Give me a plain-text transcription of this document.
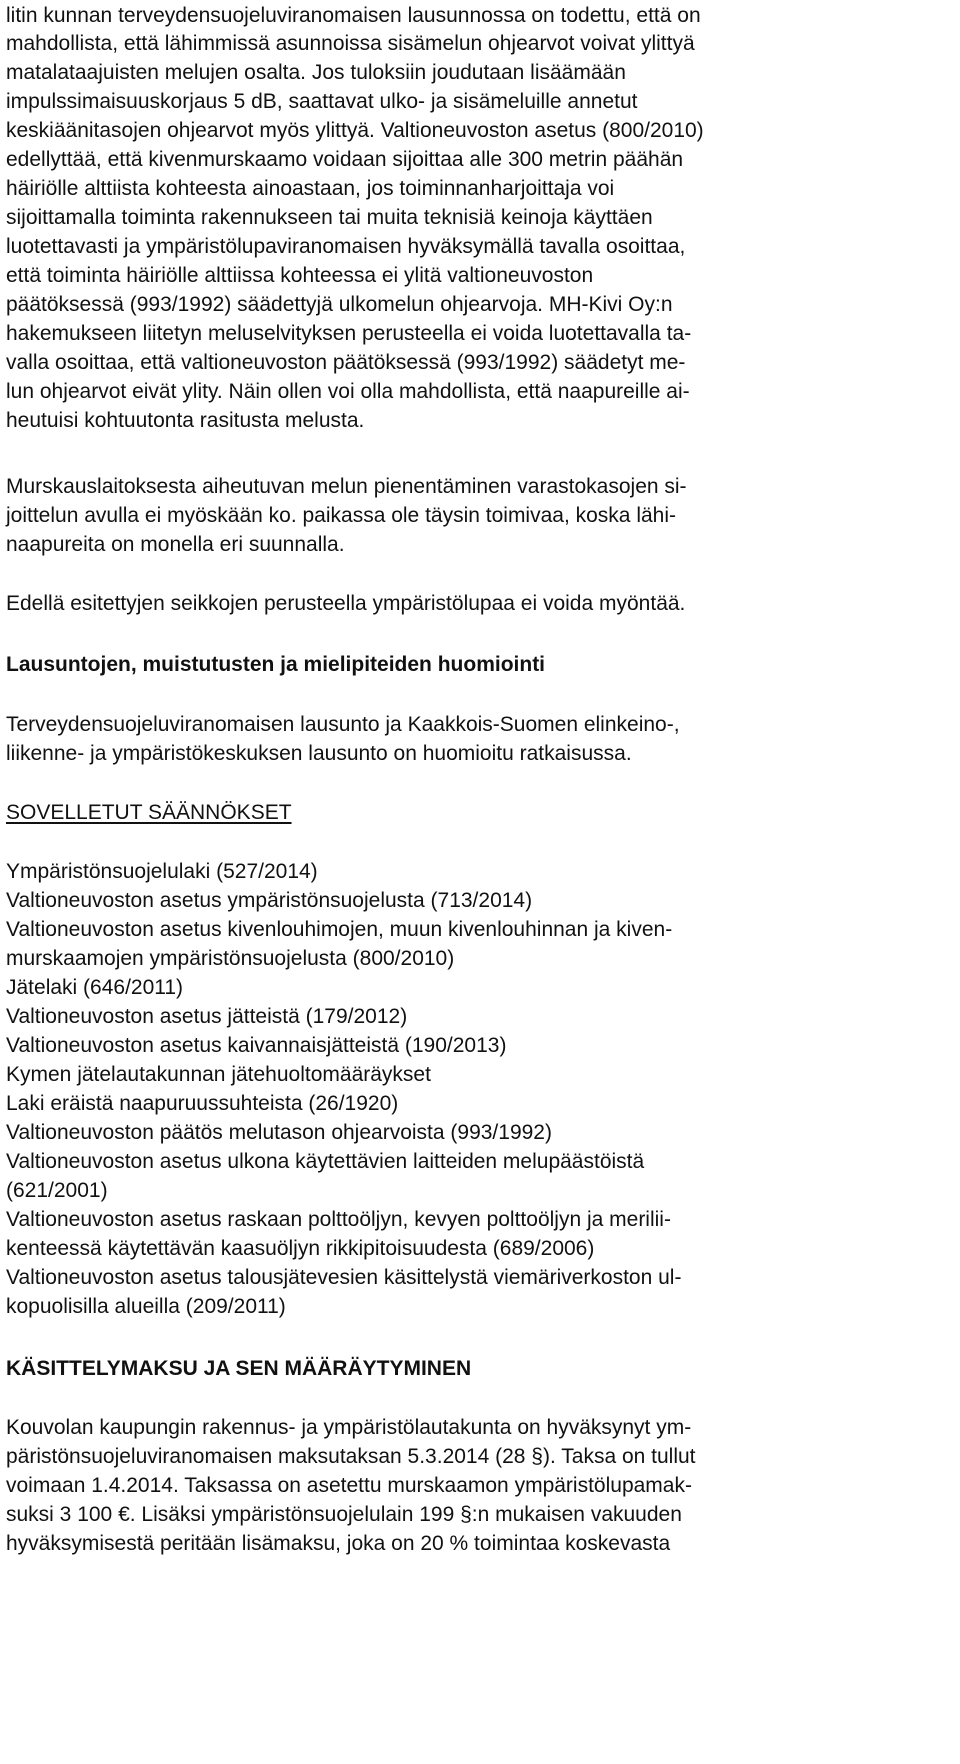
litin kunnan terveydensuojeluviranomaisen lausunnossa on todettu, että on
mahdollista, että lähimmissä asunnoissa sisämelun ohjearvot voivat ylittyä
matalataajuisten melujen osalta. Jos tuloksiin joudutaan lisäämään
impulssimaisuuskorjaus 5 dB, saattavat ulko- ja sisämeluille annetut
keskiäänitasojen ohjearvot myös ylittyä. Valtioneuvoston asetus (800/2010)
edellyttää, että kivenmurskaamo voidaan sijoittaa alle 300 metrin päähän
häiriölle alttiista kohteesta ainoastaan, jos toiminnanharjoittaja voi
sijoittamalla toiminta rakennukseen tai muita teknisiä keinoja käyttäen
luotettavasti ja ympäristölupaviranomaisen hyväksymällä tavalla osoittaa,
että toiminta häiriölle alttiissa kohteessa ei ylitä valtioneuvoston
päätöksessä (993/1992) säädettyjä ulkomelun ohjearvoja. MH-Kivi Oy:n
hakemukseen liitetyn meluselvityksen perusteella ei voida luotettavalla ta-
valla osoittaa, että valtioneuvoston päätöksessä (993/1992) säädetyt me-
lun ohjearvot eivät ylity. Näin ollen voi olla mahdollista, että naapureille ai-
heutuisi kohtuutonta rasitusta melusta.
Murskauslaitoksesta aiheutuvan melun pienentäminen varastokasojen si-
joittelun avulla ei myöskään ko. paikassa ole täysin toimivaa, koska lähi-
naapureita on monella eri suunnalla.
Edellä esitettyjen seikkojen perusteella ympäristölupaa ei voida myöntää.
Lausuntojen, muistutusten ja mielipiteiden huomiointi
Terveydensuojeluviranomaisen lausunto ja Kaakkois-Suomen elinkeino-,
liikenne- ja ympäristökeskuksen lausunto on huomioitu ratkaisussa.
SOVELLETUT SÄÄNNÖKSET
Ympäristönsuojelulaki (527/2014)
Valtioneuvoston asetus ympäristönsuojelusta (713/2014)
Valtioneuvoston asetus kivenlouhimojen, muun kivenlouhinnan ja kiven-
murskaamojen ympäristönsuojelusta (800/2010)
Jätelaki (646/2011)
Valtioneuvoston asetus jätteistä (179/2012)
Valtioneuvoston asetus kaivannaisjätteistä (190/2013)
Kymen jätelautakunnan jätehuoltomääräykset
Laki eräistä naapuruussuhteista (26/1920)
Valtioneuvoston päätös melutason ohjearvoista (993/1992)
Valtioneuvoston asetus ulkona käytettävien laitteiden melupäästöistä
(621/2001)
Valtioneuvoston asetus raskaan polttoöljyn, kevyen polttoöljyn ja merilii-
kenteessä käytettävän kaasuöljyn rikkipitoisuudesta (689/2006)
Valtioneuvoston asetus talousjätevesien käsittelystä viemäriverkoston ul-
kopuolisilla alueilla (209/2011)
KÄSITTELYMAKSU JA SEN MÄÄRÄYTYMINEN
Kouvolan kaupungin rakennus- ja ympäristölautakunta on hyväksynyt ym-
päristönsuojeluviranomaisen maksutaksan 5.3.2014 (28 §). Taksa on tullut
voimaan 1.4.2014. Taksassa on asetettu murskaamon ympäristölupamak-
suksi 3 100 €. Lisäksi ympäristönsuojelulain 199 §:n mukaisen vakuuden
hyväksymisestä peritään lisämaksu, joka on 20 % toimintaa koskevasta
